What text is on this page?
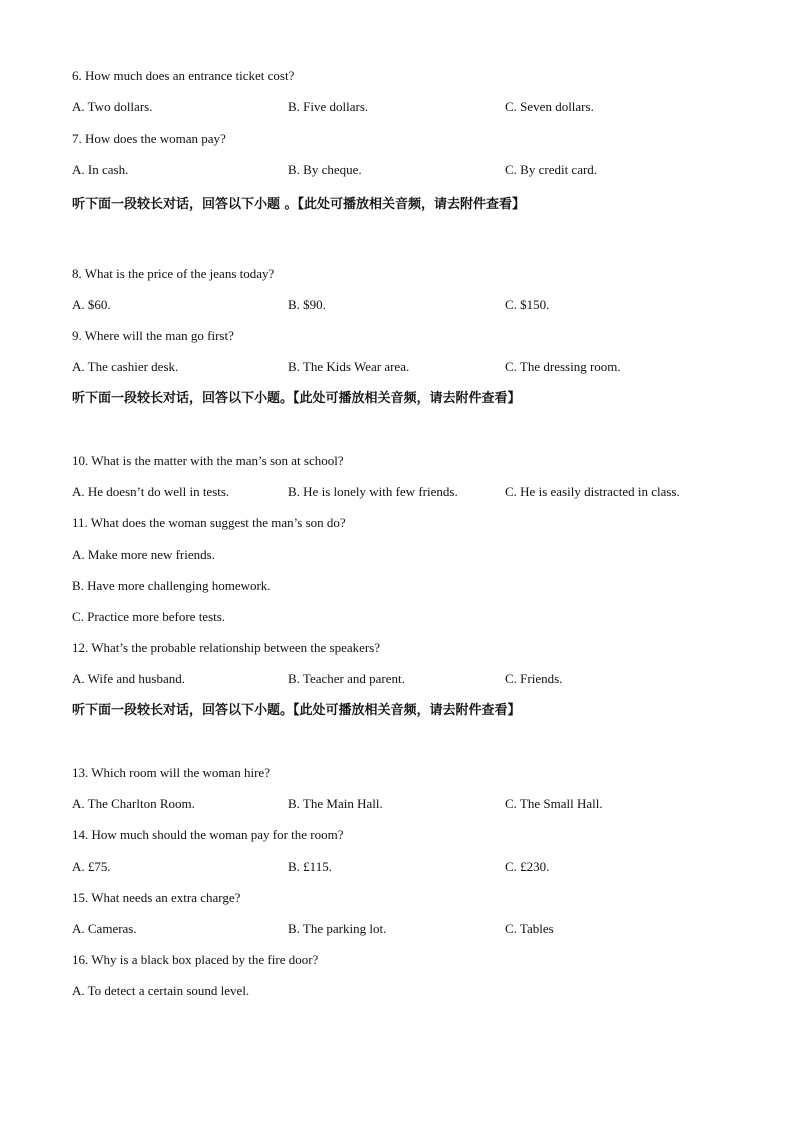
6. How much does an entrance ticket cost?
A. Two dollars.	B. Five dollars.	C. Seven dollars.
7. How does the woman pay?
A. In cash.	B. By cheque.	C. By credit card.
听下面一段较长对话，回答以下小题 。【此处可播放相关音频，请去附件查看】
8. What is the price of the jeans today?
A. $60.	B. $90.	C. $150.
9. Where will the man go first?
A. The cashier desk.	B. The Kids Wear area.	C. The dressing room.
听下面一段较长对话，回答以下小题。【此处可播放相关音频，请去附件查看】
10. What is the matter with the man’s son at school?
A. He doesn’t do well in tests.	B. He is lonely with few friends.	C. He is easily distracted in class.
11. What does the woman suggest the man’s son do?
A. Make more new friends.
B. Have more challenging homework.
C. Practice more before tests.
12. What’s the probable relationship between the speakers?
A. Wife and husband.	B. Teacher and parent.	C. Friends.
听下面一段较长对话，回答以下小题。【此处可播放相关音频，请去附件查看】
13. Which room will the woman hire?
A. The Charlton Room.	B. The Main Hall.	C. The Small Hall.
14. How much should the woman pay for the room?
A. £75.	B. £115.	C. £230.
15. What needs an extra charge?
A. Cameras.	B. The parking lot.	C. Tables
16. Why is a black box placed by the fire door?
A. To detect a certain sound level.
